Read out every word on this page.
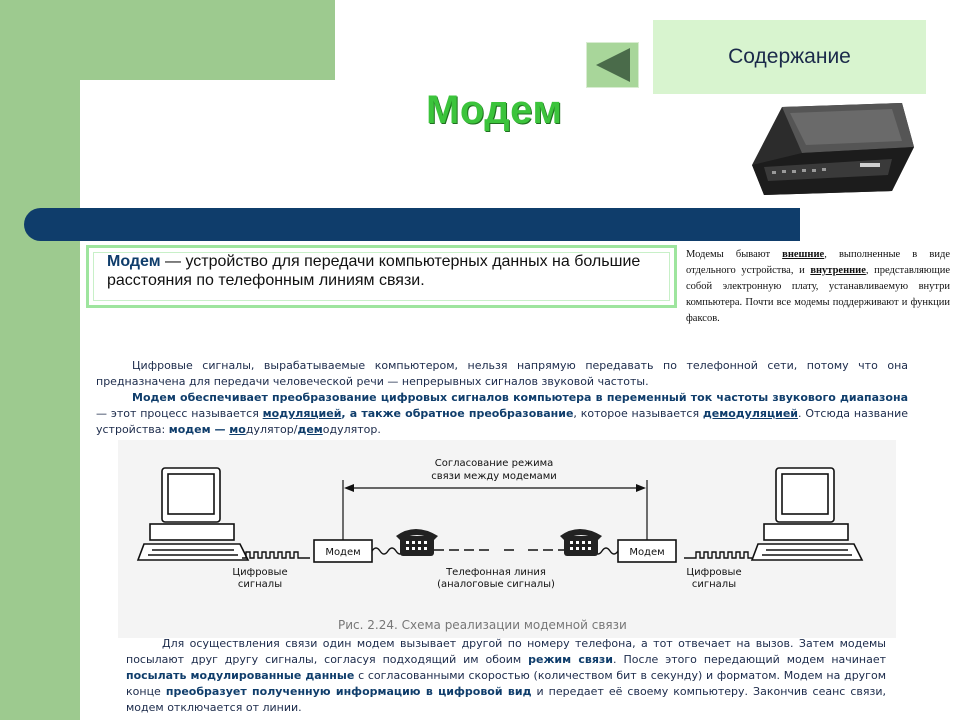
Содержание
Модем
Модем — устройство для передачи компьютерных данных на большие расстояния по телефонным линиям связи.
Модемы бывают внешние, выполненные в виде отдельного устройства, и внутренние, представляющие собой электронную плату, устанавливаемую внутри компьютера. Почти все модемы поддерживают и функции факсов.
Цифровые сигналы, вырабатываемые компьютером, нельзя напрямую передавать по телефонной сети, потому что она предназначена для передачи человеческой речи — непрерывных сигналов звуковой частоты.
Модем обеспечивает преобразование цифровых сигналов компьютера в переменный ток частоты звукового диапазона — этот процесс называется модуляцией, а также обратное преобразование, которое называется демодуляцией. Отсюда название устройства: модем — модулятор/демодулятор.
Модем	Модем
Согласование режима
связи между модемами
Цифровые
сигналы
Цифровые
сигналы
Телефонная линия
(аналоговые сигналы)
Рис. 2.24. Схема реализации модемной связи
Для осуществления связи один модем вызывает другой по номеру телефона, а тот отвечает на вызов. Затем модемы посылают друг другу сигналы, согласуя подходящий им обоим режим связи. После этого передающий модем начинает посылать модулированные данные с согласованными скоростью (количеством бит в секунду) и форматом. Модем на другом конце преобразует полученную информацию в цифровой вид и передает её своему компьютеру. Закончив сеанс связи, модем отключается от линии.
